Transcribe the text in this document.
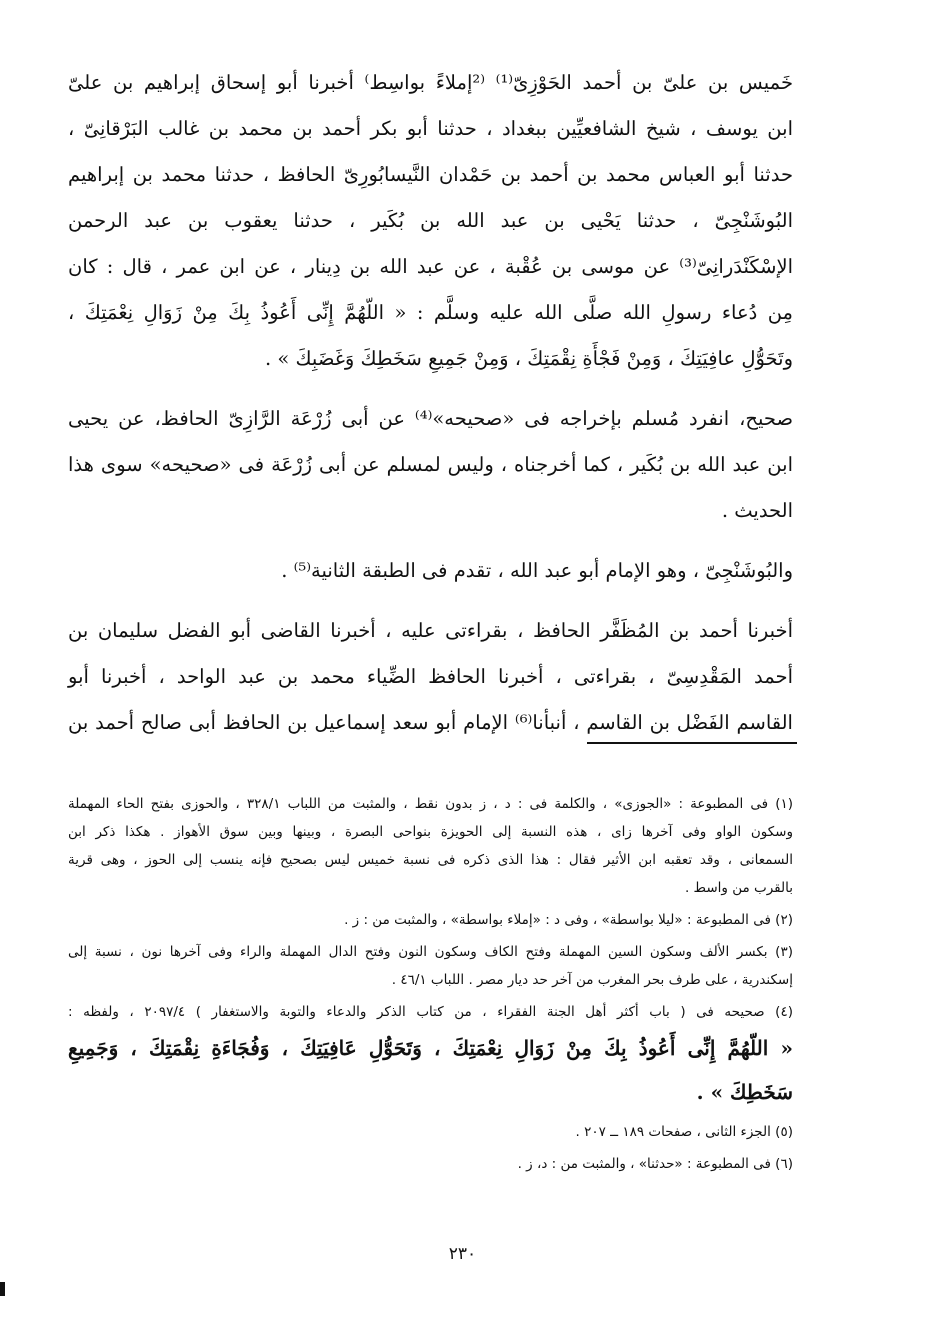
خَميس بن علىّ بن أحمد الحَوْزِىّ⁽¹⁾ ⁽²إملاءً بواسِط⁾ أخبرنا أبو إسحاق إبراهيم بن علىّ
ابن يوسف ، شيخ الشافعيِّين ببغداد ، حدثنا أبو بكر أحمد بن محمد بن غالب البَرْقانِىّ ،
حدثنا أبو العباس محمد بن أحمد بن حَمْدان النَّيسابُورِىّ الحافظ ، حدثنا محمد بن إبراهيم
البُوشَنْجِىّ ، حدثنا يَحْيى بن عبد الله بن بُكَير ، حدثنا يعقوب بن عبد الرحمن
الإسْكَنْدَرانِىّ⁽³⁾ عن موسى بن عُقْبة ، عن عبد الله بن دِينار ، عن ابن عمر ، قال : كان
مِن دُعاء رسولِ الله صلَّى الله عليه وسلَّم : « اللّهُمَّ إِنِّى أَعُوذُ بِكَ مِنْ زَوَالِ نِعْمَتِكَ ،
وتَحَوُّلِ عافِيَتِكَ ، وَمِنْ فَجْأَةِ نِقْمَتِكَ ، وَمِنْ جَمِيعِ سَخَطِكَ وَغَضَبِكَ » .

صحيح، انفرد مُسلم بإخراجه فى «صحيحه»⁽⁴⁾ عن أبى زُرْعَة الرَّازِىّ الحافظ، عن يحيى
ابن عبد الله بن بُكَير ، كما أخرجناه ، وليس لمسلم عن أبى زُرْعَة فى «صحيحه» سوى هذا
الحديث .

والبُوشَنْجِىّ ، وهو الإمام أبو عبد الله ، تقدم فى الطبقة الثانية⁽⁵⁾ .

أخبرنا أحمد بن المُظَفَّر الحافظ ، بقراءتى عليه ، أخبرنا القاضى أبو الفضل سليمان بن
أحمد المَقْدِسِىّ ، بقراءتى ، أخبرنا الحافظ الضِّياء محمد بن عبد الواحد ، أخبرنا أبو
القاسم الفَضْل بن القاسم ، أنبأنا⁽⁶⁾ الإمام أبو سعد إسماعيل بن الحافظ أبى صالح أحمد بن

(١) فى المطبوعة : «الجوزى» ، والكلمة فى : د ، ز بدون نقط ، والمثبت من اللباب ٣٢٨/١ ، والحوزى بفتح الحاء المهملة
وسكون الواو وفى آخرها زاى ، هذه النسبة إلى الحويزة بنواحى البصرة ، وبينها وبين سوق الأهواز . هكذا ذكر ابن
السمعانى ، وقد تعقبه ابن الأثير فقال : هذا الذى ذكره فى نسبة خميس ليس بصحيح فإنه ينسب إلى الحوز ، وهى قرية
بالقرب من واسط .
(٢) فى المطبوعة : «ليلا بواسطة» ، وفى د : «إملاء بواسطة» ، والمثبت من : ز .
(٣) بكسر الألف وسكون السين المهملة وفتح الكاف وسكون النون وفتح الدال المهملة والراء وفى آخرها نون ، نسبة إلى
إسكندرية ، على طرف بحر المغرب من آخر حد ديار مصر . اللباب ٤٦/١ .
(٤) صحيحه فى ( باب أكثر أهل الجنة الفقراء ، من كتاب الذكر والدعاء والتوبة والاستغفار ) ٢٠٩٧/٤ ، ولفظه :
« اللّهُمَّ إِنِّى أَعُوذُ بِكَ مِنْ زَوَالِ نِعْمَتِكَ ، وَتَحَوُّلِ عَافِيَتِكَ ، وَفُجَاءَةِ نِقْمَتِكَ ، وَجَمِيعِ
سَخَطِكَ » .
(٥) الجزء الثانى ، صفحات ١٨٩ ــ ٢٠٧ .
(٦) فى المطبوعة : «حدثنا» ، والمثبت من : د، ز .
٢٣٠
